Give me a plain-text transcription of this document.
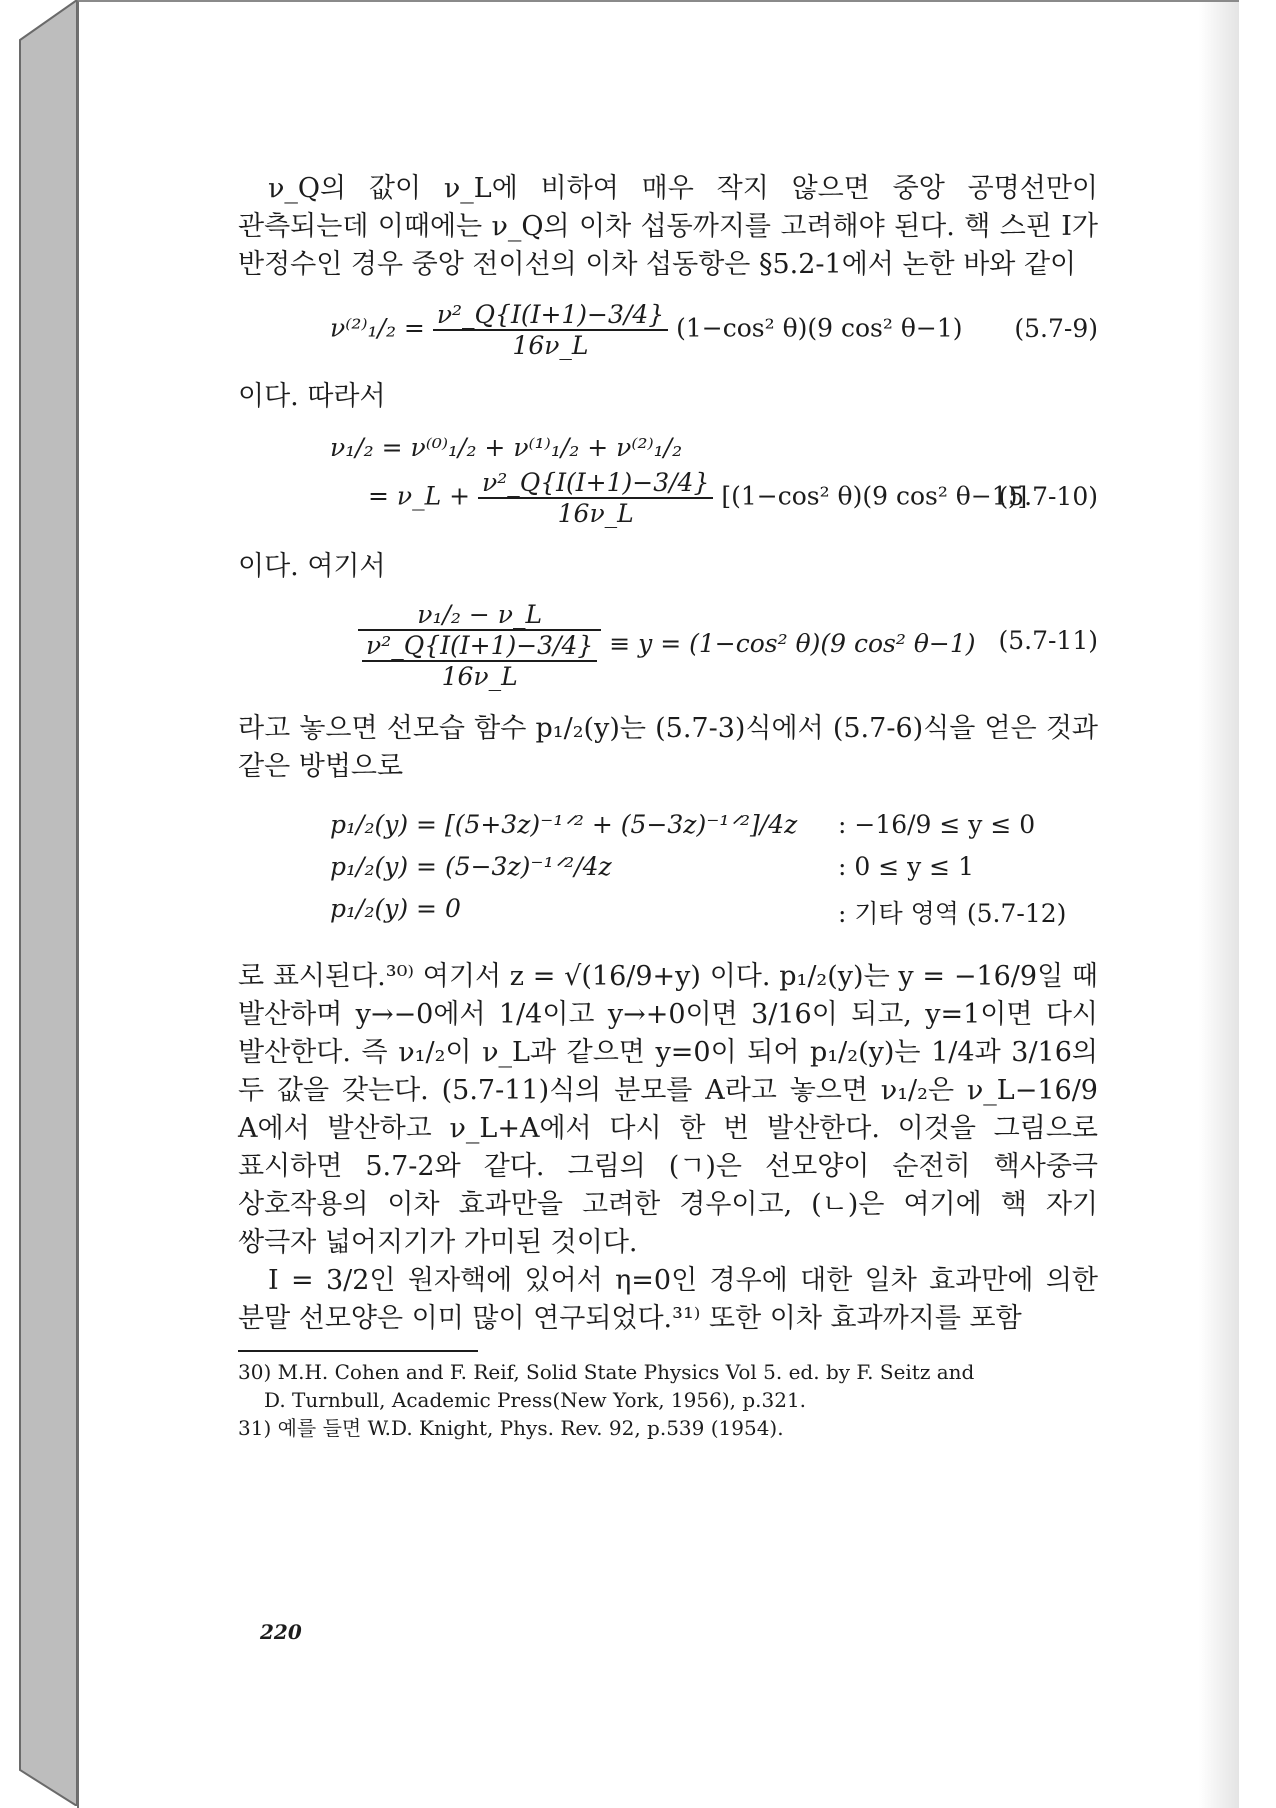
ν_Q의 값이 ν_L에 비하여 매우 작지 않으면 중앙 공명선만이 관측되는데 이때에는 ν_Q의 이차 섭동까지를 고려해야 된다. 핵 스핀 I가 반정수인 경우 중앙 전이선의 이차 섭동항은 §5.2-1에서 논한 바와 같이

$\nu^{(2)}_1/_2 = \frac{\text{ν²\_Q\{I(I+1)−3/4\}}}{16\nu\_L} (1-\cos^2$ θ)(9 cos² θ−1) (5.7-9)

이다. 따라서

ν₁/₂ = ν⁽⁰⁾₁/₂ + ν⁽¹⁾₁/₂ + ν⁽²⁾₁/₂
= ν_L + $\frac{\text{ν²\_Q\{I(I+1)−3/4\}}}{16\nu\_L} [(1-\cos^2$ θ)(9 cos² θ−1)]
(5.7-10)

이다. 여기서

$\frac{\text{ν₁/₂ − ν\_L}}{\frac{\text{ν²\_Q\{I(I+1)−3/4\}}}{16\nu\_L}} \equiv y = (1-\cos^2$ θ)(9 cos² θ−1) (5.7-11)

라고 놓으면 선모습 함수 p₁/₂(y)는 (5.7-3)식에서 (5.7-6)식을 얻은 것과 같은 방법으로

p₁/₂(y) = [(5+3z)⁻¹ᐟ² + (5−3z)⁻¹ᐟ²]/4z : −16/9 ≤ y ≤ 0
p₁/₂(y) = (5−3z)⁻¹ᐟ²/4z	: 0 ≤ y ≤ 1
p₁/₂(y) = 0	: 기타 영역 (5.7-12)

로 표시된다.³⁰⁾ 여기서 z = √(16/9+y) 이다. p₁/₂(y)는 y = −16/9일 때 발산하며 y→−0에서 1/4이고 y→+0이면 3/16이 되고, y=1이면 다시 발산한다. 즉 ν₁/₂이 ν_L과 같으면 y=0이 되어 p₁/₂(y)는 1/4과 3/16의 두 값을 갖는다. (5.7-11)식의 분모를 A라고 놓으면 ν₁/₂은 ν_L−16/9 A에서 발산하고 ν_L+A에서 다시 한 번 발산한다. 이것을 그림으로 표시하면 5.7-2와 같다. 그림의 (ㄱ)은 선모양이 순전히 핵사중극 상호작용의 이차 효과만을 고려한 경우이고, (ㄴ)은 여기에 핵 자기 쌍극자 넓어지기가 가미된 것이다.

I = 3/2인 원자핵에 있어서 η=0인 경우에 대한 일차 효과만에 의한 분말 선모양은 이미 많이 연구되었다.³¹⁾ 또한 이차 효과까지를 포함

30) M.H. Cohen and F. Reif, Solid State Physics Vol 5. ed. by F. Seitz and
D. Turnbull, Academic Press(New York, 1956), p.321.

31) 예를 들면 W.D. Knight, Phys. Rev. 92, p.539 (1954).

220
